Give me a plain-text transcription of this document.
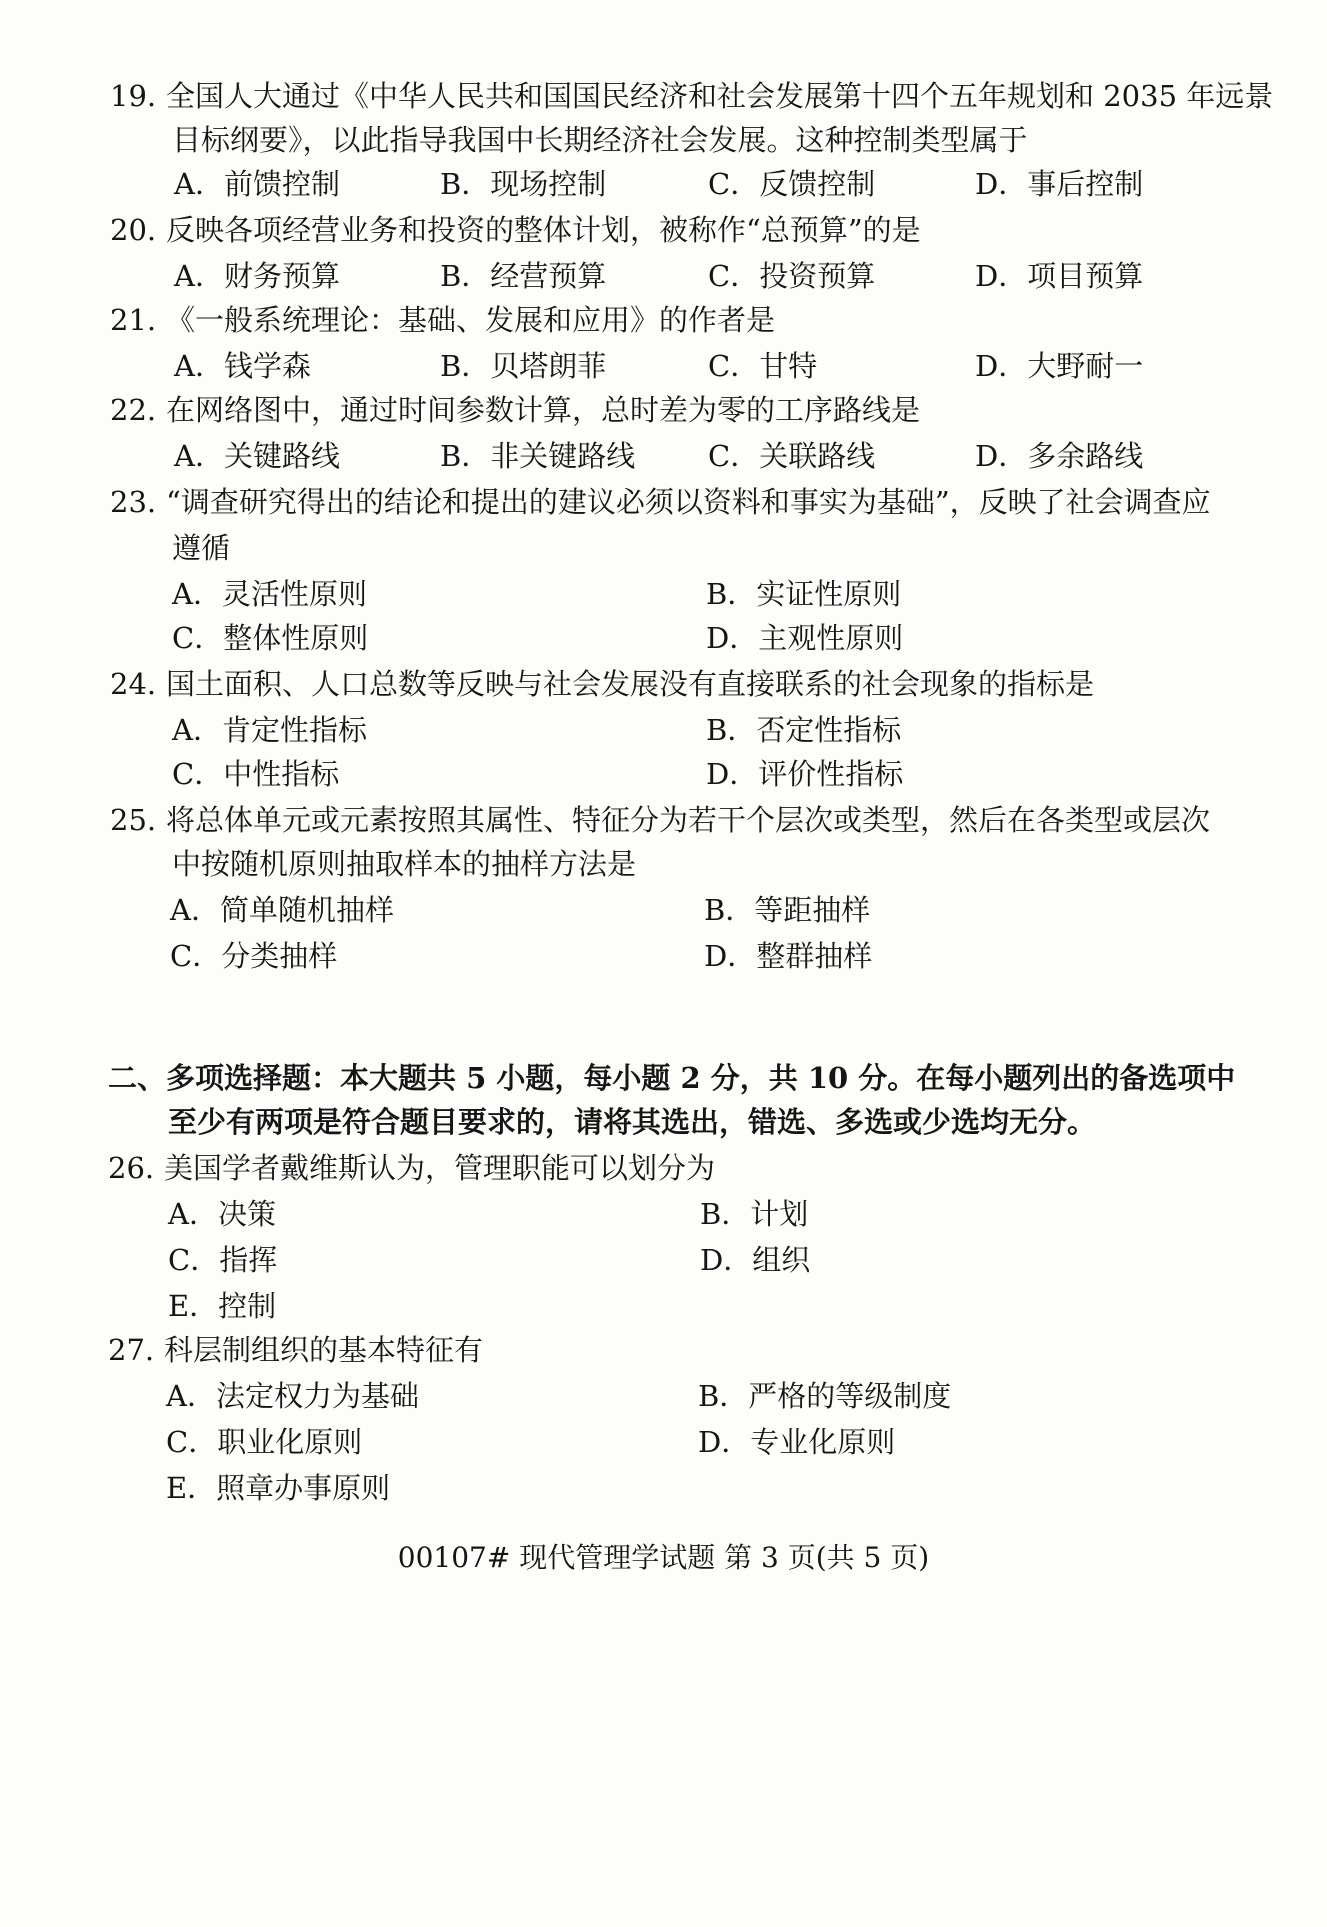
19. 全国人大通过《中华人民共和国国民经济和社会发展第十四个五年规划和 2035 年远景
目标纲要》，以此指导我国中长期经济社会发展。这种控制类型属于
A．前馈控制	B．现场控制	C．反馈控制	D．事后控制
20. 反映各项经营业务和投资的整体计划，被称作“总预算”的是
A．财务预算	B．经营预算	C．投资预算	D．项目预算
21. 《一般系统理论：基础、发展和应用》的作者是
A．钱学森	B．贝塔朗菲	C．甘特	D．大野耐一
22. 在网络图中，通过时间参数计算，总时差为零的工序路线是
A．关键路线	B．非关键路线	C．关联路线	D．多余路线
23. “调查研究得出的结论和提出的建议必须以资料和事实为基础”，反映了社会调查应
遵循
A．灵活性原则	B．实证性原则
C．整体性原则	D．主观性原则
24. 国土面积、人口总数等反映与社会发展没有直接联系的社会现象的指标是
A．肯定性指标	B．否定性指标
C．中性指标	D．评价性指标
25. 将总体单元或元素按照其属性、特征分为若干个层次或类型，然后在各类型或层次
中按随机原则抽取样本的抽样方法是
A．简单随机抽样	B．等距抽样
C．分类抽样	D．整群抽样
二、多项选择题：本大题共 5 小题，每小题 2 分，共 10 分。在每小题列出的备选项中
至少有两项是符合题目要求的，请将其选出，错选、多选或少选均无分。
26. 美国学者戴维斯认为，管理职能可以划分为
A．决策	B．计划
C．指挥	D．组织
E．控制
27. 科层制组织的基本特征有
A．法定权力为基础	B．严格的等级制度
C．职业化原则	D．专业化原则
E．照章办事原则
00107# 现代管理学试题 第 3 页(共 5 页)
